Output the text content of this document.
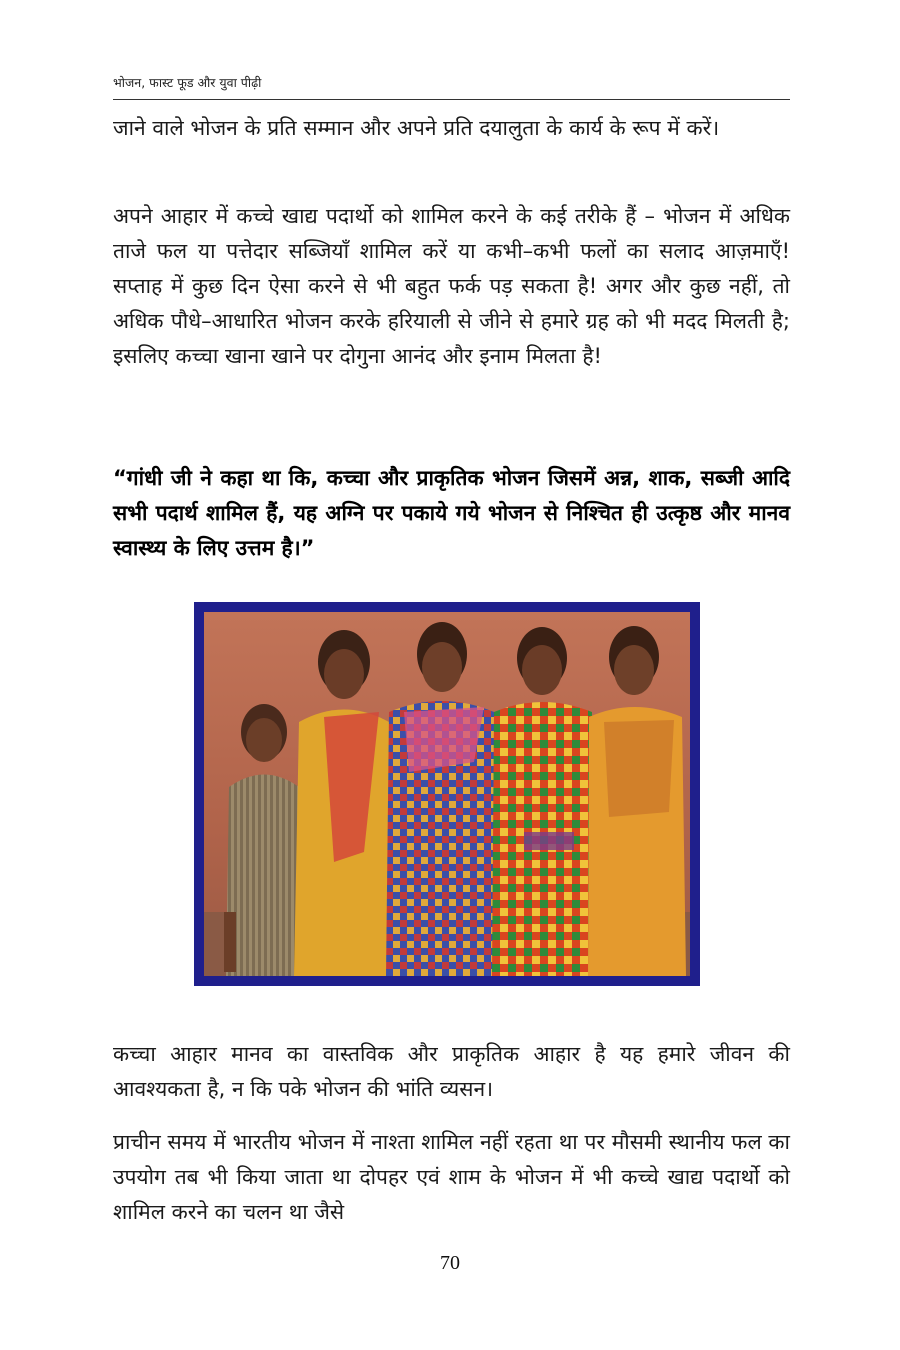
भोजन, फास्ट फूड और युवा पीढ़ी

जाने वाले भोजन के प्रति सम्मान और अपने प्रति दयालुता के कार्य के रूप में करें।

अपने आहार में कच्चे खाद्य पदार्थो को शामिल करने के कई तरीके हैं – भोजन में अधिक ताजे फल या पत्तेदार सब्जियाँ शामिल करें या कभी–कभी फलों का सलाद आज़माएँ! सप्ताह में कुछ दिन ऐसा करने से भी बहुत फर्क पड़ सकता है! अगर और कुछ नहीं, तो अधिक पौधे–आधारित भोजन करके हरियाली से जीने से हमारे ग्रह को भी मदद मिलती है; इसलिए कच्चा खाना खाने पर दोगुना आनंद और इनाम मिलता है!

“गांधी जी ने कहा था कि, कच्चा और प्राकृतिक भोजन जिसमें अन्न, शाक, सब्जी आदि सभी पदार्थ शामिल हैं, यह अग्नि पर पकाये गये भोजन से निश्चित ही उत्कृष्ठ और मानव स्वास्थ्य के लिए उत्तम है।”

कच्चा आहार मानव का वास्तविक और प्राकृतिक आहार है यह हमारे जीवन की आवश्यकता है, न कि पके भोजन की भांति व्यसन।

प्राचीन समय में भारतीय भोजन में नाश्ता शामिल नहीं रहता था पर मौसमी स्थानीय फल का उपयोग तब भी किया जाता था दोपहर एवं शाम के भोजन में भी कच्चे खाद्य पदार्थो को शामिल करने का चलन था जैसे

70
